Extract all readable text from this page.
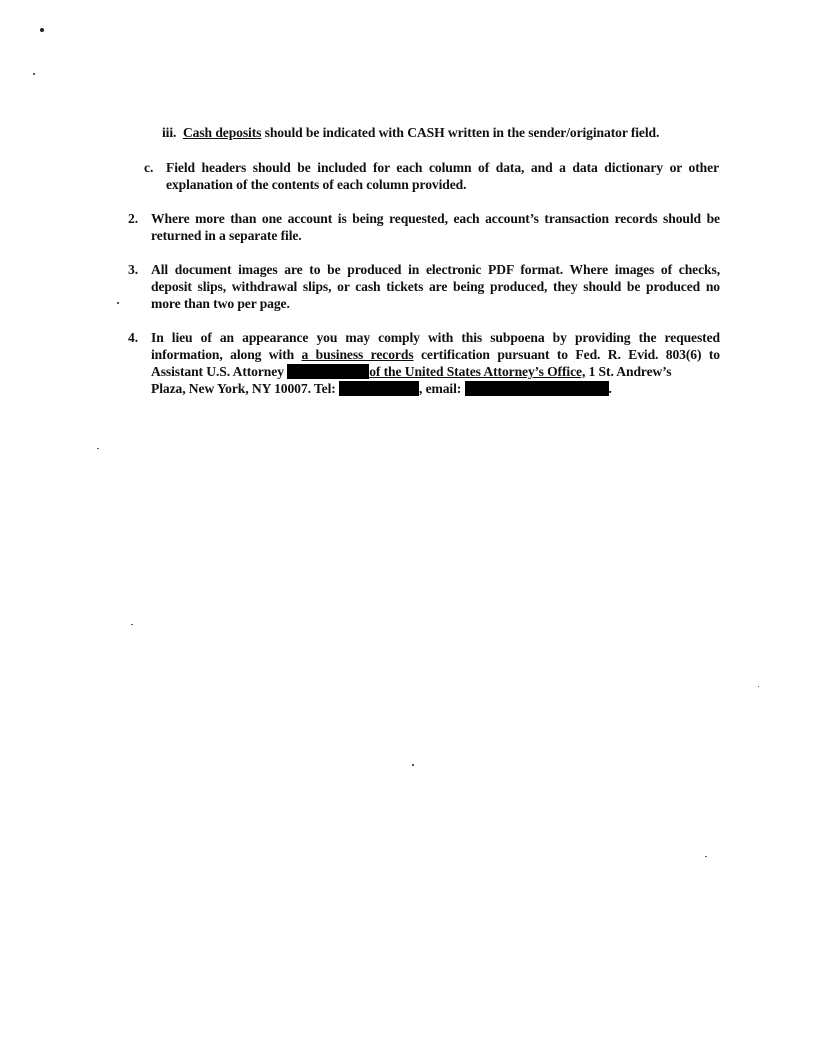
iii. Cash deposits should be indicated with CASH written in the sender/originator field.
c. Field headers should be included for each column of data, and a data dictionary or other
explanation of the contents of each column provided.
2. Where more than one account is being requested, each account’s transaction records should be
returned in a separate file.
3. All document images are to be produced in electronic PDF format. Where images of checks,
deposit slips, withdrawal slips, or cash tickets are being produced, they should be produced no
more than two per page.
4. In lieu of an appearance you may comply with this subpoena by providing the requested
information, along with a business records certification pursuant to Fed. R. Evid. 803(6) to
Assistant U.S. Attorney	of the United States Attorney’s Office, 1 St. Andrew’s
Plaza, New York, NY 10007. Tel:	, email:	.
